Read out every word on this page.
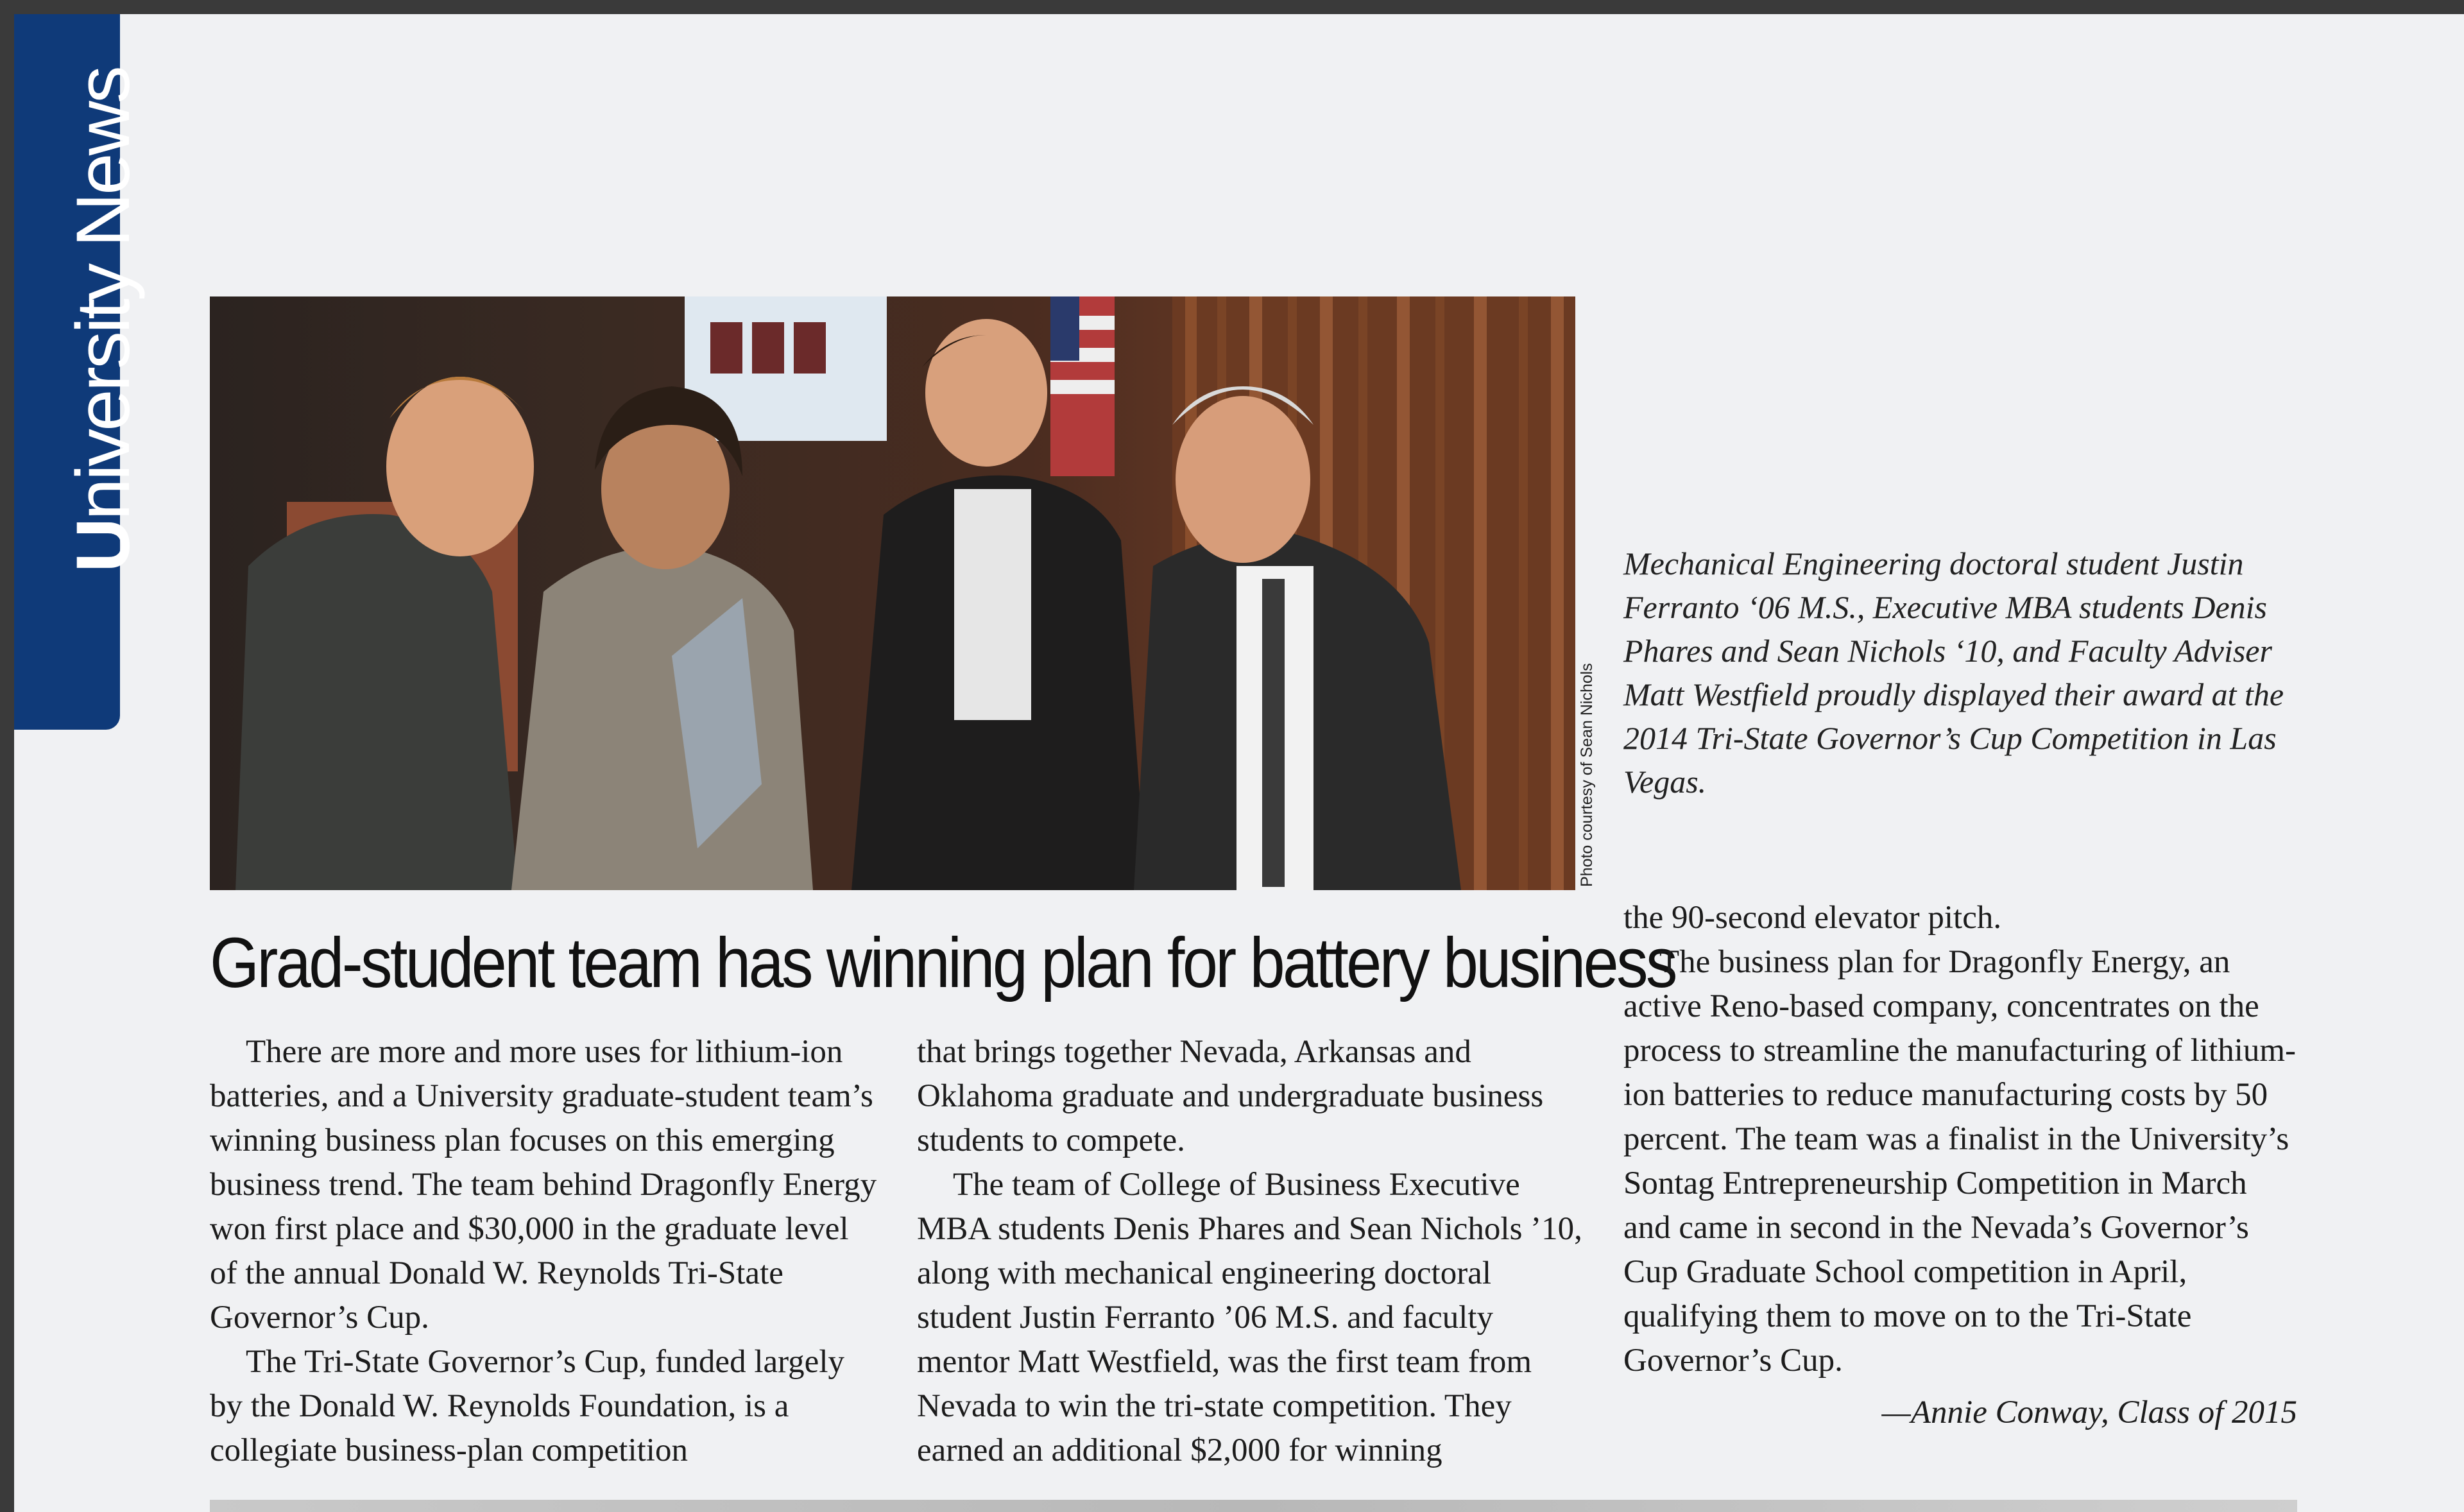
University News
Photo courtesy of Sean Nichols
Mechanical Engineering doctoral student Justin Ferranto ‘06 M.S., Executive MBA students Denis Phares and Sean Nichols ‘10, and Faculty Adviser Matt Westfield proudly displayed their award at the 2014 Tri-State Governor’s Cup Competition in Las Vegas.
Grad-student team has winning plan for battery business

There are more and more uses for lithium-ion batteries, and a University graduate-student team’s winning business plan focuses on this emerging business trend. The team behind Dragonfly Energy won first place and $30,000 in the graduate level of the annual Donald W. Reynolds Tri-State Governor’s Cup.

The Tri-State Governor’s Cup, funded largely by the Donald W. Reynolds Foundation, is a collegiate business-plan competition

that brings together Nevada, Arkansas and Oklahoma graduate and undergraduate business students to compete.

The team of College of Business Executive MBA students Denis Phares and Sean Nichols ’10, along with mechanical engineering doctoral student Justin Ferranto ’06 M.S. and faculty mentor Matt Westfield, was the first team from Nevada to win the tri-state competition. They earned an additional $2,000 for winning

the 90-second elevator pitch.

The business plan for Dragonfly Energy, an active Reno-based company, concentrates on the process to streamline the manufacturing of lithium-ion batteries to reduce manufacturing costs by 50 percent. The team was a finalist in the University’s Sontag Entrepreneurship Competition in March and came in second in the Nevada’s Governor’s Cup Graduate School competition in April, qualifying them to move on to the Tri-State Governor’s Cup.

—Annie Conway, Class of 2015
